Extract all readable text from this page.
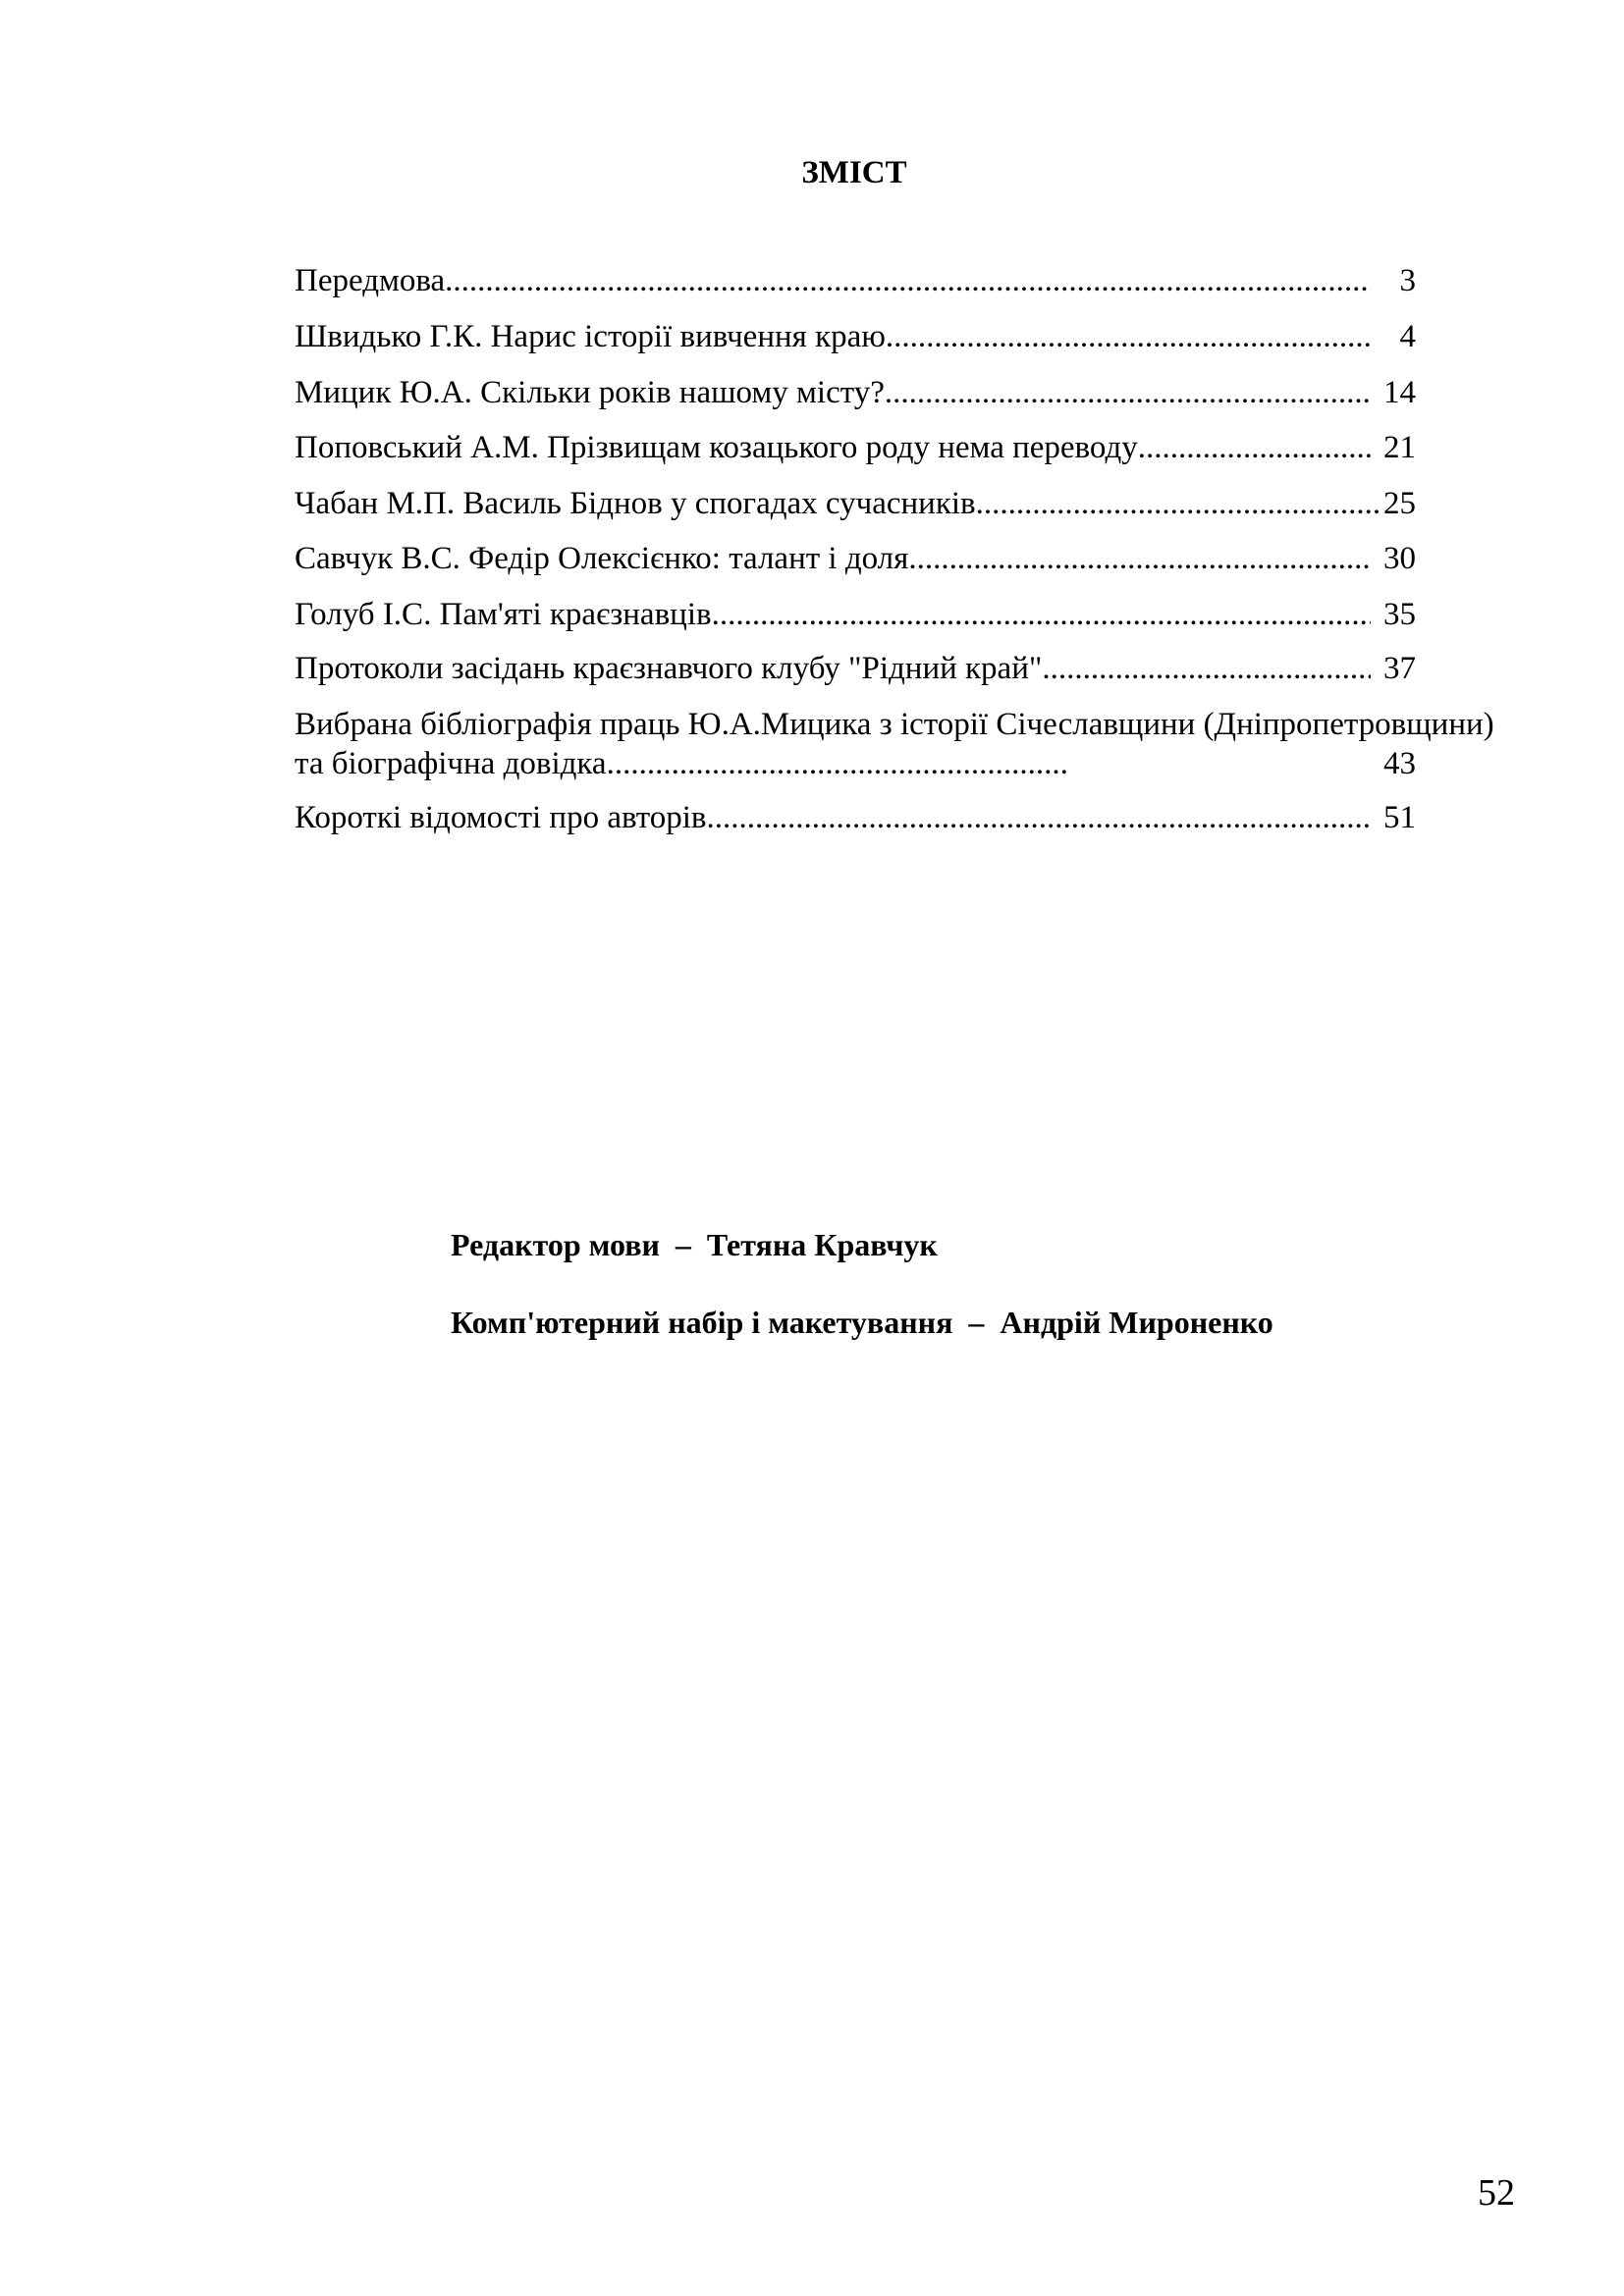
ЗМІСТ
Передмова .....	3
Швидько Г.К. Нарис історії вивчення краю .....	4
Мицик Ю.А. Скільки років нашому місту? .....	14
Поповський А.М. Прізвищам козацького роду нема переводу .....	21
Чабан М.П. Василь Біднов у спогадах сучасників .....	25
Савчук В.С. Федір Олексієнко: талант і доля .....	30
Голуб І.С. Пам'яті краєзнавців .....	35
Протоколи засідань краєзнавчого клубу "Рідний край" .....	37
Вибрана бібліографія праць Ю.А.Мицика з історії Січеславщини (Дніпропетровщини)
та біографічна довідка .....	43
Короткі відомості про авторів .....	51
Редактор мови  –  Тетяна Кравчук
Комп'ютерний набір і макетування  –  Андрій Мироненко
52
